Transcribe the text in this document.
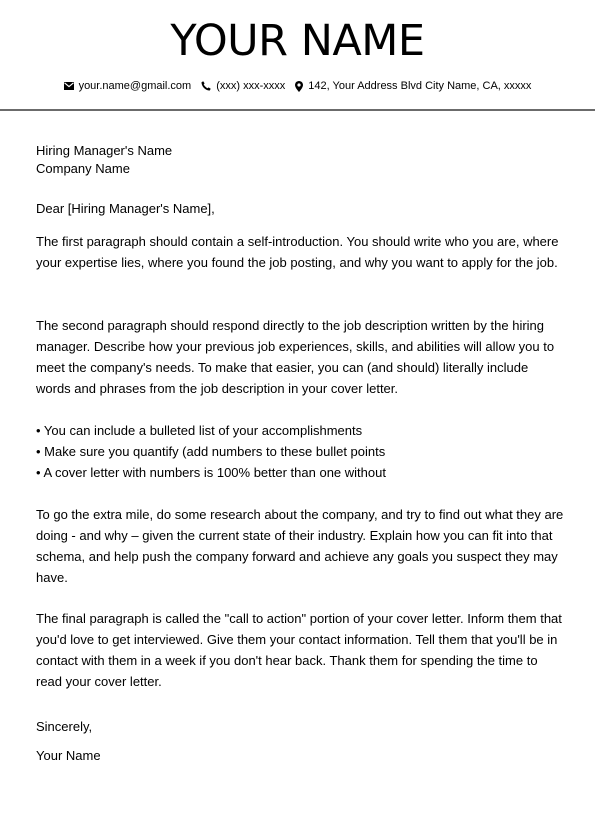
YOUR NAME
your.name@gmail.com (xxx) xxx-xxxx 142, Your Address Blvd City Name, CA, xxxxx
Hiring Manager's Name
Company Name
Dear [Hiring Manager's Name],

The first paragraph should contain a self-introduction. You should write who you are, where your expertise lies, where you found the job posting, and why you want to apply for the job.

The second paragraph should respond directly to the job description written by the hiring manager. Describe how your previous job experiences, skills, and abilities will allow you to meet the company's needs. To make that easier, you can (and should) literally include words and phrases from the job description in your cover letter.

• You can include a bulleted list of your accomplishments
• Make sure you quantify (add numbers to these bullet points
• A cover letter with numbers is 100% better than one without

To go the extra mile, do some research about the company, and try to find out what they are doing - and why – given the current state of their industry. Explain how you can fit into that schema, and help push the company forward and achieve any goals you suspect they may have.

The final paragraph is called the "call to action" portion of your cover letter. Inform them that you'd love to get interviewed. Give them your contact information. Tell them that you'll be in contact with them in a week if you don't hear back. Thank them for spending the time to read your cover letter.

Sincerely,
Your Name
